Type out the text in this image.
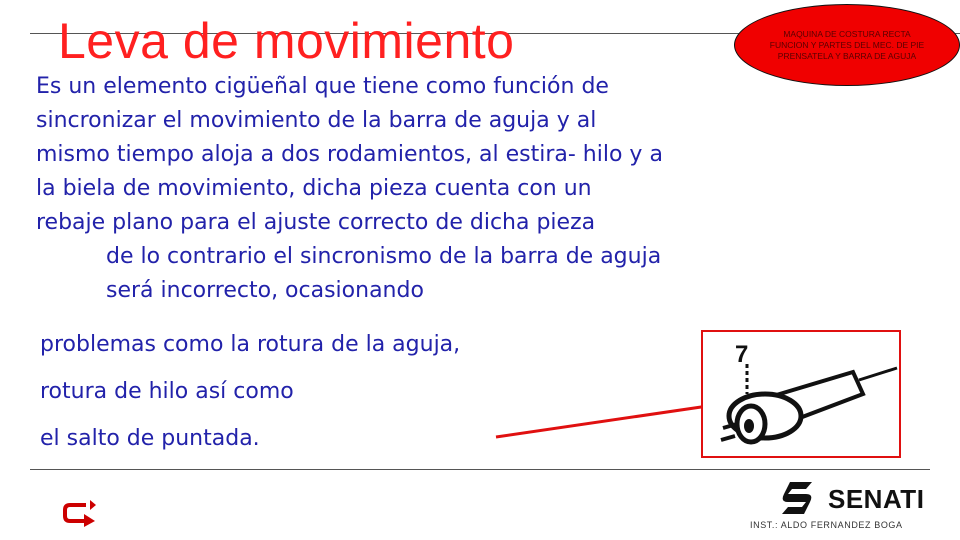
Leva de movimiento	MAQUINA DE COSTURA RECTA FUNCION Y PARTES DEL MEC. DE PIE PRENSATELA Y BARRA DE AGUJA
Es un elemento cigüeñal que tiene como función de
sincronizar el movimiento de la barra de aguja y al
mismo tiempo aloja a dos rodamientos, al estira- hilo y a
la biela de movimiento, dicha pieza cuenta con un
rebaje plano para el ajuste correcto de dicha pieza
de lo contrario el sincronismo de la barra de aguja
será incorrecto, ocasionando
problemas como la rotura de la aguja,
rotura de hilo así como
el salto de puntada.
7
SENATI
INST.: ALDO FERNANDEZ BOGA
